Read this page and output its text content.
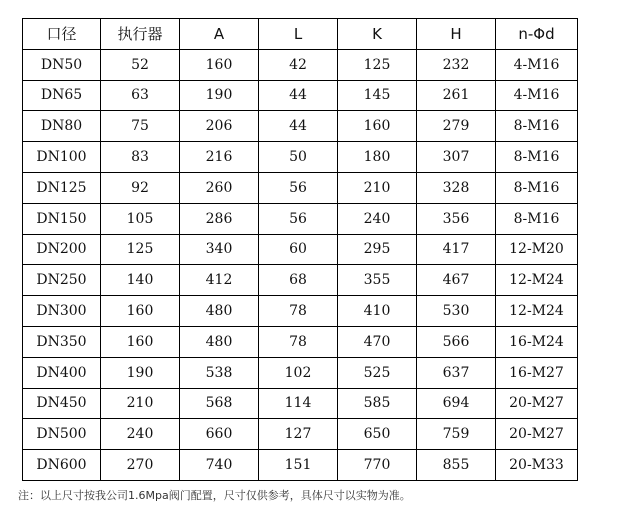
口径	执行器	A	L	K	H	n-Φd
DN50	52	160	42	125	232	4-M16
DN65	63	190	44	145	261	4-M16
DN80	75	206	44	160	279	8-M16
DN100	83	216	50	180	307	8-M16
DN125	92	260	56	210	328	8-M16
DN150	105	286	56	240	356	8-M16
DN200	125	340	60	295	417	12-M20
DN250	140	412	68	355	467	12-M24
DN300	160	480	78	410	530	12-M24
DN350	160	480	78	470	566	16-M24
DN400	190	538	102	525	637	16-M27
DN450	210	568	114	585	694	20-M27
DN500	240	660	127	650	759	20-M27
DN600	270	740	151	770	855	20-M33
注：以上尺寸按我公司1.6Mpa阀门配置，尺寸仅供参考，具体尺寸以实物为准。
